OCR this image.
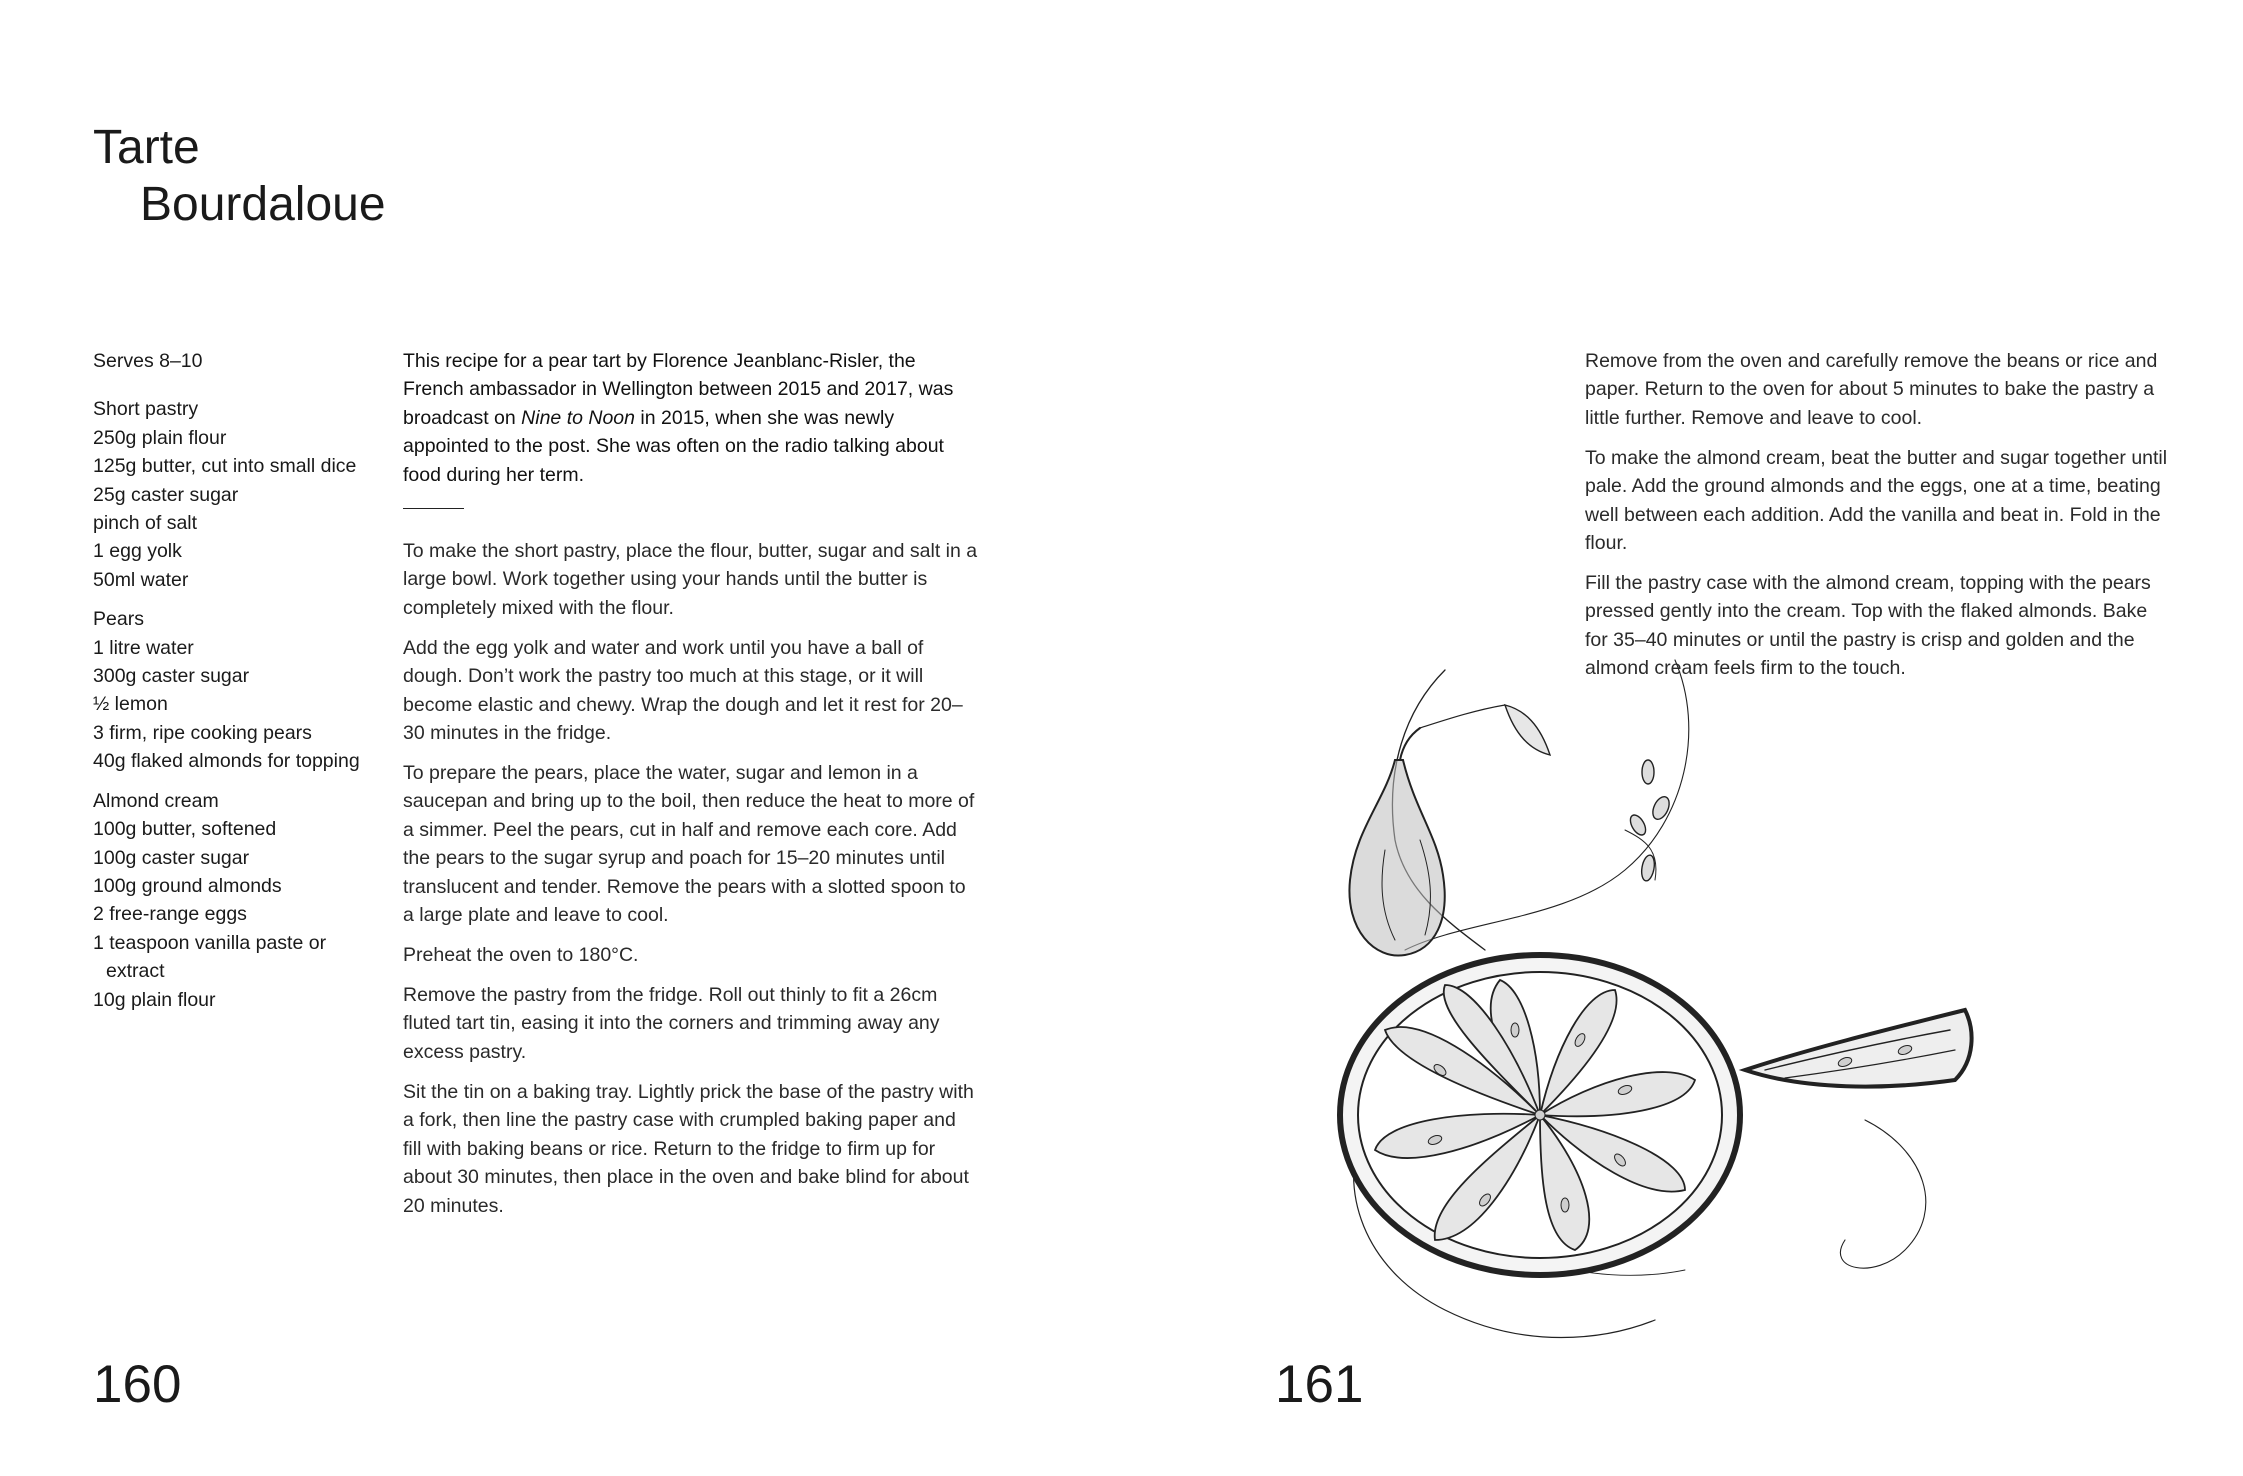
Tarte
Bourdaloue

Serves 8–10

Short pastry

250g plain flour
125g butter, cut into small dice
25g caster sugar
pinch of salt
1 egg yolk
50ml water

Pears

1 litre water
300g caster sugar
½ lemon
3 firm, ripe cooking pears
40g flaked almonds for topping

Almond cream

100g butter, softened
100g caster sugar
100g ground almonds
2 free-range eggs
1 teaspoon vanilla paste or extract
10g plain flour

This recipe for a pear tart by Florence Jeanblanc-Risler, the French ambassador in Wellington between 2015 and 2017, was broadcast on Nine to Noon in 2015, when she was newly appointed to the post. She was often on the radio talking about food during her term.

To make the short pastry, place the flour, butter, sugar and salt in a large bowl. Work together using your hands until the butter is completely mixed with the flour.

Add the egg yolk and water and work until you have a ball of dough. Don’t work the pastry too much at this stage, or it will become elastic and chewy. Wrap the dough and let it rest for 20–30 minutes in the fridge.

To prepare the pears, place the water, sugar and lemon in a saucepan and bring up to the boil, then reduce the heat to more of a simmer. Peel the pears, cut in half and remove each core. Add the pears to the sugar syrup and poach for 15–20 minutes until translucent and tender. Remove the pears with a slotted spoon to a large plate and leave to cool.

Preheat the oven to 180°C.

Remove the pastry from the fridge. Roll out thinly to fit a 26cm fluted tart tin, easing it into the corners and trimming away any excess pastry.

Sit the tin on a baking tray. Lightly prick the base of the pastry with a fork, then line the pastry case with crumpled baking paper and fill with baking beans or rice. Return to the fridge to firm up for about 30 minutes, then place in the oven and bake blind for about 20 minutes.

Remove from the oven and carefully remove the beans or rice and paper. Return to the oven for about 5 minutes to bake the pastry a little further. Remove and leave to cool.

To make the almond cream, beat the butter and sugar together until pale. Add the ground almonds and the eggs, one at a time, beating well between each addition. Add the vanilla and beat in. Fold in the flour.

Fill the pastry case with the almond cream, topping with the pears pressed gently into the cream. Top with the flaked almonds. Bake for 35–40 minutes or until the pastry is crisp and golden and the almond cream feels firm to the touch.

160	161
